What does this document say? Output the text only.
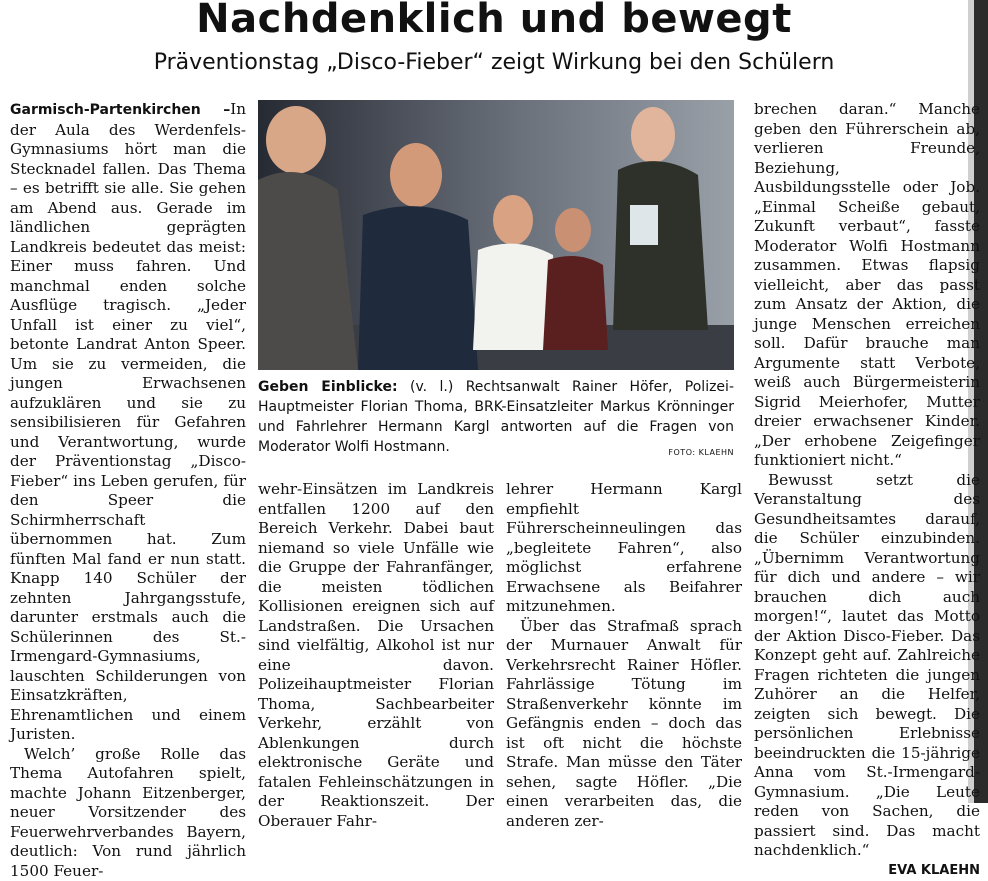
Nachdenklich und bewegt
Präventionstag „Disco-Fieber“ zeigt Wirkung bei den Schülern

Garmisch-Partenkirchen –In der Aula des Werdenfels-Gymnasiums hört man die Stecknadel fallen. Das Thema – es betrifft sie alle. Sie gehen am Abend aus. Gerade im ländlichen geprägten Landkreis bedeutet das meist: Einer muss fahren. Und manchmal enden solche Ausflüge tragisch. „Jeder Unfall ist einer zu viel“, betonte Landrat Anton Speer. Um sie zu vermeiden, die jungen Erwachsenen aufzuklären und sie zu sensibilisieren für Gefahren und Verantwortung, wurde der Präventionstag „Disco-Fieber“ ins Leben gerufen, für den Speer die Schirmherrschaft übernommen hat. Zum fünften Mal fand er nun statt. Knapp 140 Schüler der zehnten Jahrgangsstufe, darunter erstmals auch die Schülerinnen des St.-Irmengard-Gymnasiums, lauschten Schilderungen von Einsatzkräften, Ehrenamtlichen und einem Juristen.

Welch’ große Rolle das Thema Autofahren spielt, machte Johann Eitzenberger, neuer Vorsitzender des Feuerwehrverbandes Bayern, deutlich: Von rund jährlich 1500 Feuer-

Geben Einblicke: (v. l.) Rechtsanwalt Rainer Höfer, Polizei-Hauptmeister Florian Thoma, BRK-Einsatzleiter Markus Krönninger und Fahrlehrer Hermann Kargl antworten auf die Fragen von Moderator Wolfi Hostmann.	FOTO: KLAEHN

wehr-Einsätzen im Landkreis entfallen 1200 auf den Bereich Verkehr. Dabei baut niemand so viele Unfälle wie die Gruppe der Fahranfänger, die meisten tödlichen Kollisionen ereignen sich auf Landstraßen. Die Ursachen sind vielfältig, Alkohol ist nur eine davon. Polizeihauptmeister Florian Thoma, Sachbearbeiter Verkehr, erzählt von Ablenkungen durch elektronische Geräte und fatalen Fehleinschätzungen in der Reaktionszeit. Der Oberauer Fahr-

lehrer Hermann Kargl empfiehlt Führerscheinneulingen das „begleitete Fahren“, also möglichst erfahrene Erwachsene als Beifahrer mitzunehmen.

Über das Strafmaß sprach der Murnauer Anwalt für Verkehrsrecht Rainer Höfler. Fahrlässige Tötung im Straßenverkehr könnte im Gefängnis enden – doch das ist oft nicht die höchste Strafe. Man müsse den Täter sehen, sagte Höfler. „Die einen verarbeiten das, die anderen zer-

brechen daran.“ Manche geben den Führerschein ab, verlieren Freunde, Beziehung, Ausbildungsstelle oder Job. „Einmal Scheiße gebaut, Zukunft verbaut“, fasste Moderator Wolfi Hostmann zusammen. Etwas flapsig vielleicht, aber das passt zum Ansatz der Aktion, die junge Menschen erreichen soll. Dafür brauche man Argumente statt Verbote, weiß auch Bürgermeisterin Sigrid Meierhofer, Mutter dreier erwachsener Kinder. „Der erhobene Zeigefinger funktioniert nicht.“

Bewusst setzt die Veranstaltung des Gesundheitsamtes darauf, die Schüler einzubinden. „Übernimm Verantwortung für dich und andere – wir brauchen dich auch morgen!“, lautet das Motto der Aktion Disco-Fieber. Das Konzept geht auf. Zahlreiche Fragen richteten die jungen Zuhörer an die Helfer, zeigten sich bewegt. Die persönlichen Erlebnisse beeindruckten die 15-jährige Anna vom St.-Irmengard-Gymnasium. „Die Leute reden von Sachen, die passiert sind. Das macht nachdenklich.“
EVA KLAEHN
